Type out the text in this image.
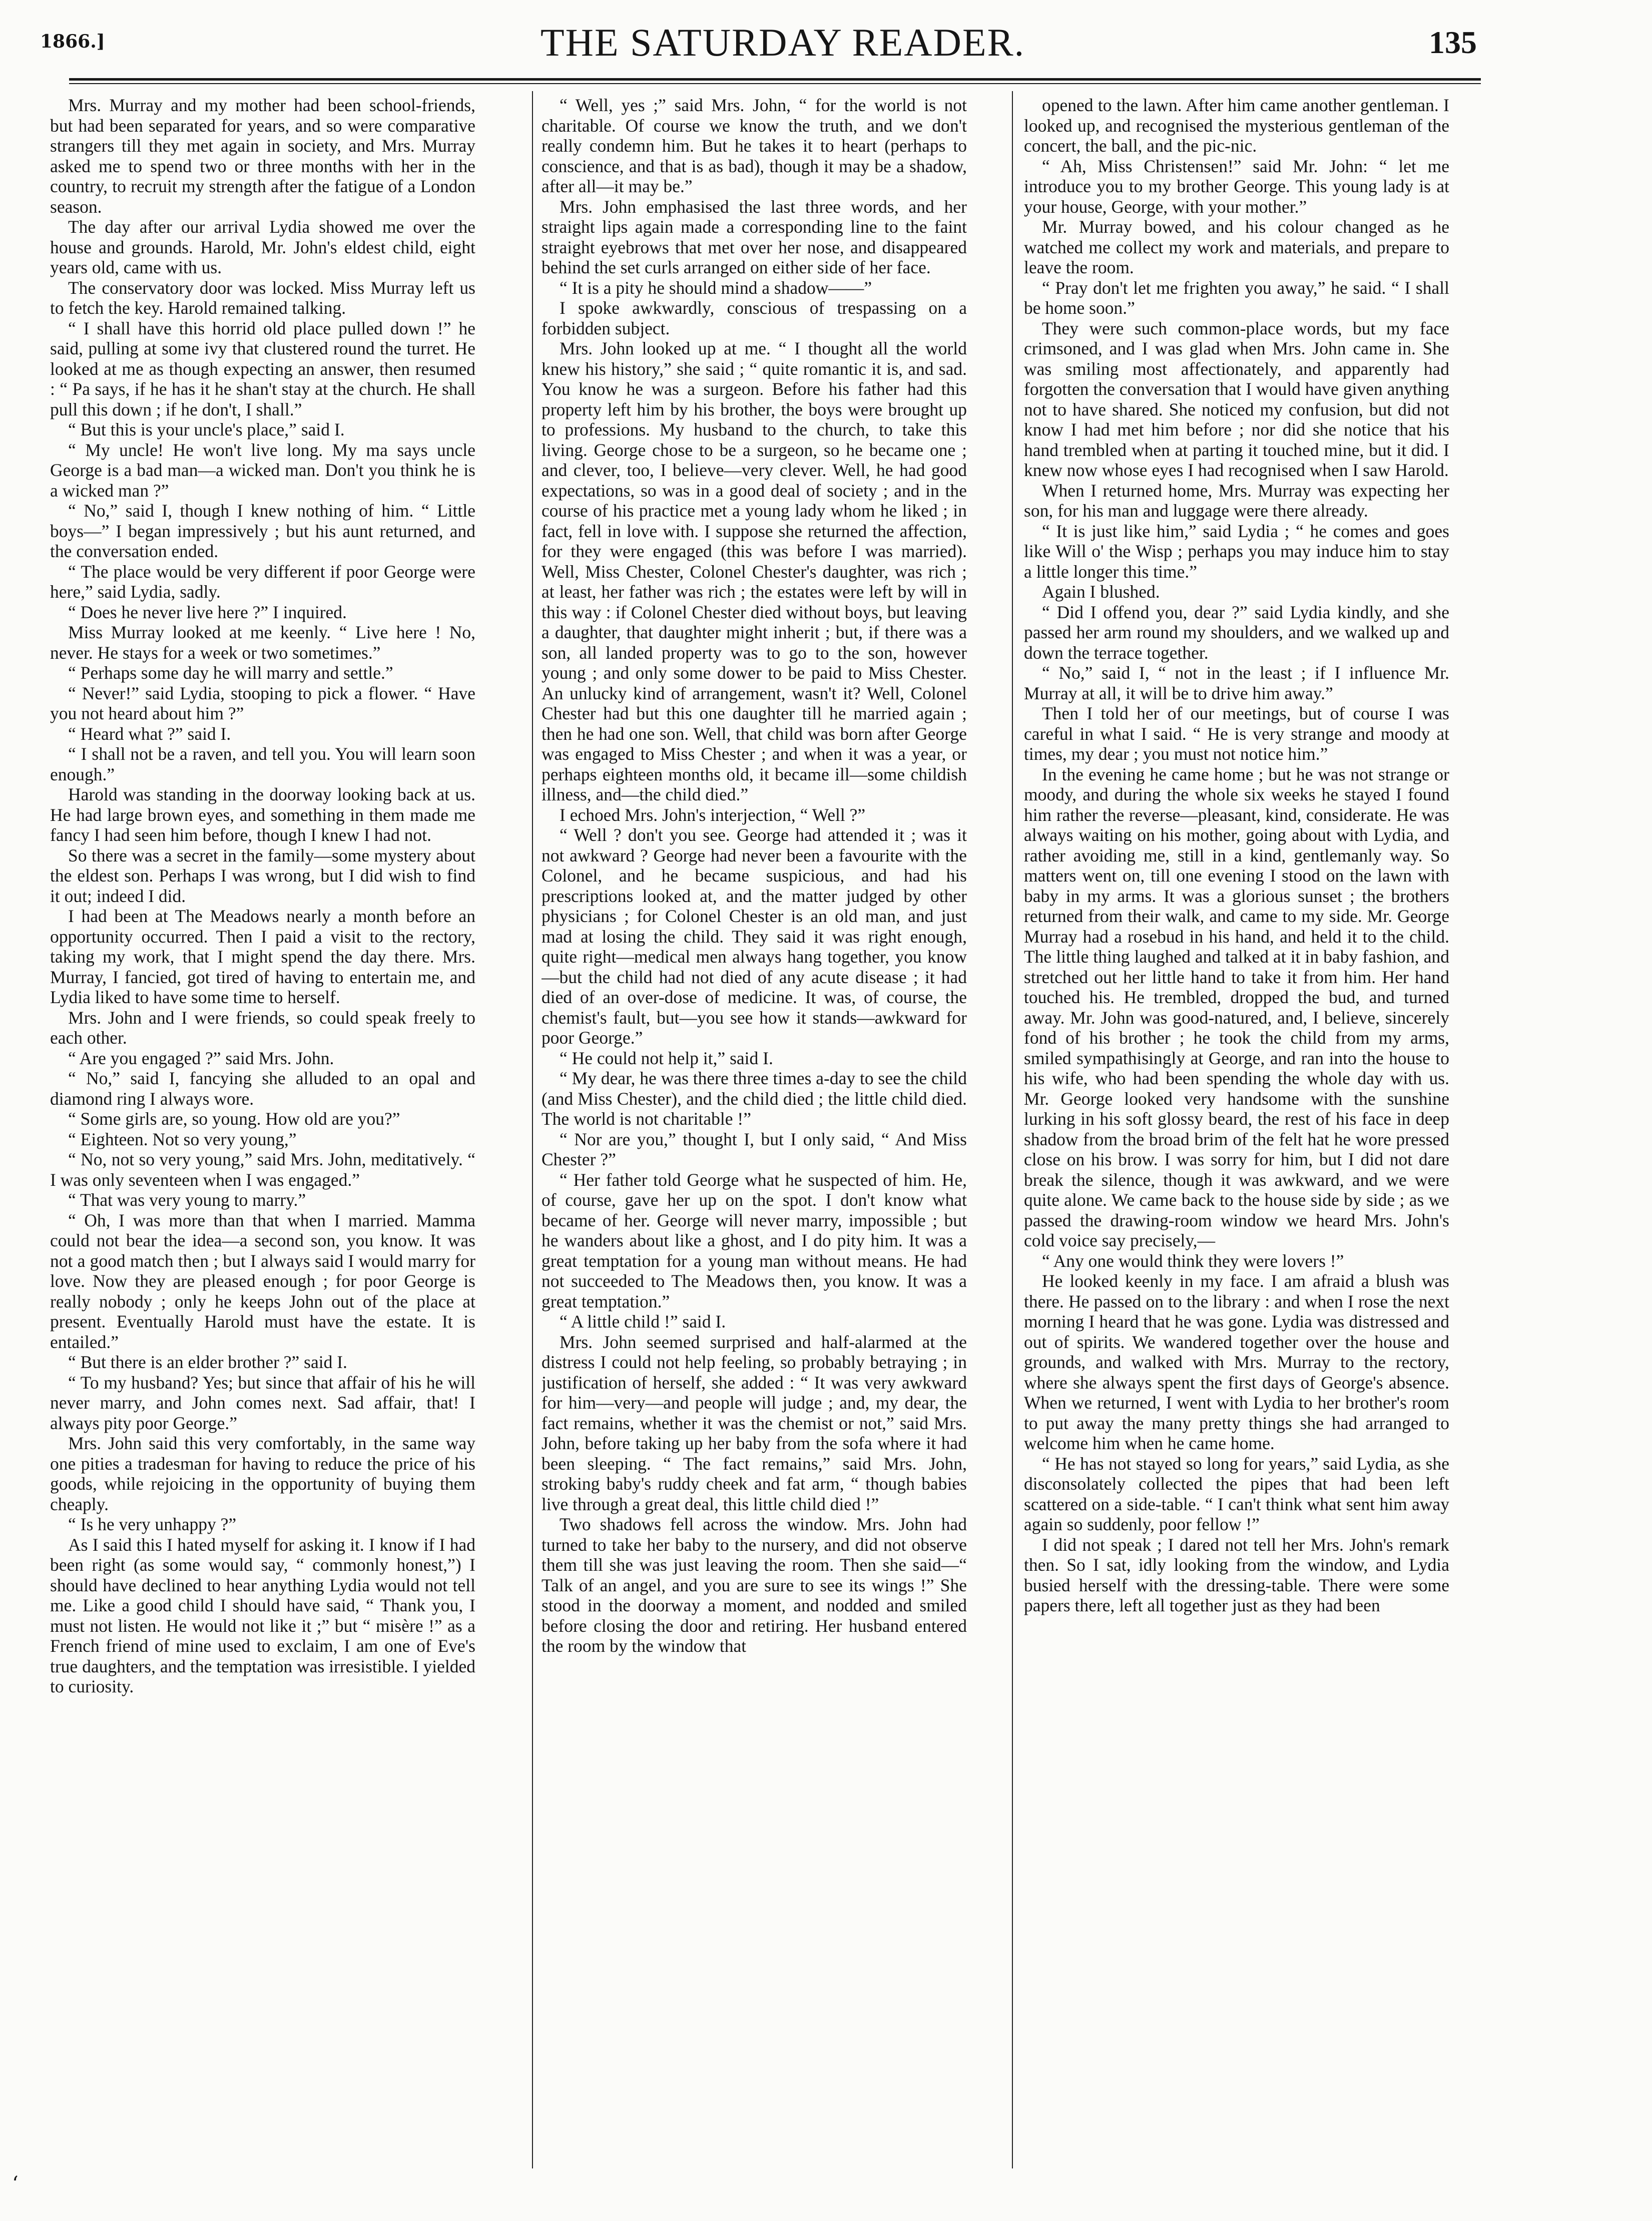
1866.]	THE SATURDAY READER.	135

Mrs. Murray and my mother had been school-friends, but had been separated for years, and so were comparative strangers till they met again in society, and Mrs. Murray asked me to spend two or three months with her in the country, to recruit my strength after the fatigue of a London season.

The day after our arrival Lydia showed me over the house and grounds. Harold, Mr. John's eldest child, eight years old, came with us.

The conservatory door was locked. Miss Murray left us to fetch the key. Harold remained talking.

“ I shall have this horrid old place pulled down !” he said, pulling at some ivy that clustered round the turret. He looked at me as though expecting an answer, then resumed : “ Pa says, if he has it he shan't stay at the church. He shall pull this down ; if he don't, I shall.”

“ But this is your uncle's place,” said I.

“ My uncle! He won't live long. My ma says uncle George is a bad man—a wicked man. Don't you think he is a wicked man ?”

“ No,” said I, though I knew nothing of him. “ Little boys—” I began impressively ; but his aunt returned, and the conversation ended.

“ The place would be very different if poor George were here,” said Lydia, sadly.

“ Does he never live here ?” I inquired.

Miss Murray looked at me keenly. “ Live here ! No, never. He stays for a week or two sometimes.”

“ Perhaps some day he will marry and settle.”

“ Never!” said Lydia, stooping to pick a flower. “ Have you not heard about him ?”

“ Heard what ?” said I.

“ I shall not be a raven, and tell you. You will learn soon enough.”

Harold was standing in the doorway looking back at us. He had large brown eyes, and something in them made me fancy I had seen him before, though I knew I had not.

So there was a secret in the family—some mystery about the eldest son. Perhaps I was wrong, but I did wish to find it out; indeed I did.

I had been at The Meadows nearly a month before an opportunity occurred. Then I paid a visit to the rectory, taking my work, that I might spend the day there. Mrs. Murray, I fancied, got tired of having to entertain me, and Lydia liked to have some time to herself.

Mrs. John and I were friends, so could speak freely to each other.

“ Are you engaged ?” said Mrs. John.

“ No,” said I, fancying she alluded to an opal and diamond ring I always wore.

“ Some girls are, so young. How old are you?”

“ Eighteen. Not so very young,”

“ No, not so very young,” said Mrs. John, meditatively. “ I was only seventeen when I was engaged.”

“ That was very young to marry.”

“ Oh, I was more than that when I married. Mamma could not bear the idea—a second son, you know. It was not a good match then ; but I always said I would marry for love. Now they are pleased enough ; for poor George is really nobody ; only he keeps John out of the place at present. Eventually Harold must have the estate. It is entailed.”

“ But there is an elder brother ?” said I.

“ To my husband? Yes; but since that affair of his he will never marry, and John comes next. Sad affair, that! I always pity poor George.”

Mrs. John said this very comfortably, in the same way one pities a tradesman for having to reduce the price of his goods, while rejoicing in the opportunity of buying them cheaply.

“ Is he very unhappy ?”

As I said this I hated myself for asking it. I know if I had been right (as some would say, “ commonly honest,”) I should have declined to hear anything Lydia would not tell me. Like a good child I should have said, “ Thank you, I must not listen. He would not like it ;” but “ misère !” as a French friend of mine used to exclaim, I am one of Eve's true daughters, and the temptation was irresistible. I yielded to curiosity.

“ Well, yes ;” said Mrs. John, “ for the world is not charitable. Of course we know the truth, and we don't really condemn him. But he takes it to heart (perhaps to conscience, and that is as bad), though it may be a shadow, after all—it may be.”

Mrs. John emphasised the last three words, and her straight lips again made a corresponding line to the faint straight eyebrows that met over her nose, and disappeared behind the set curls arranged on either side of her face.

“ It is a pity he should mind a shadow——”

I spoke awkwardly, conscious of trespassing on a forbidden subject.

Mrs. John looked up at me. “ I thought all the world knew his history,” she said ; “ quite romantic it is, and sad. You know he was a surgeon. Before his father had this property left him by his brother, the boys were brought up to professions. My husband to the church, to take this living. George chose to be a surgeon, so he became one ; and clever, too, I believe—very clever. Well, he had good expectations, so was in a good deal of society ; and in the course of his practice met a young lady whom he liked ; in fact, fell in love with. I suppose she returned the affection, for they were engaged (this was before I was married). Well, Miss Chester, Colonel Chester's daughter, was rich ; at least, her father was rich ; the estates were left by will in this way : if Colonel Chester died without boys, but leaving a daughter, that daughter might inherit ; but, if there was a son, all landed property was to go to the son, however young ; and only some dower to be paid to Miss Chester. An unlucky kind of arrangement, wasn't it? Well, Colonel Chester had but this one daughter till he married again ; then he had one son. Well, that child was born after George was engaged to Miss Chester ; and when it was a year, or perhaps eighteen months old, it became ill—some childish illness, and—the child died.”

I echoed Mrs. John's interjection, “ Well ?”

“ Well ? don't you see. George had attended it ; was it not awkward ? George had never been a favourite with the Colonel, and he became suspicious, and had his prescriptions looked at, and the matter judged by other physicians ; for Colonel Chester is an old man, and just mad at losing the child. They said it was right enough, quite right—medical men always hang together, you know—but the child had not died of any acute disease ; it had died of an over-dose of medicine. It was, of course, the chemist's fault, but—you see how it stands—awkward for poor George.”

“ He could not help it,” said I.

“ My dear, he was there three times a-day to see the child (and Miss Chester), and the child died ; the little child died. The world is not charitable !”

“ Nor are you,” thought I, but I only said, “ And Miss Chester ?”

“ Her father told George what he suspected of him. He, of course, gave her up on the spot. I don't know what became of her. George will never marry, impossible ; but he wanders about like a ghost, and I do pity him. It was a great temptation for a young man without means. He had not succeeded to The Meadows then, you know. It was a great temptation.”

“ A little child !” said I.

Mrs. John seemed surprised and half-alarmed at the distress I could not help feeling, so probably betraying ; in justification of herself, she added : “ It was very awkward for him—very—and people will judge ; and, my dear, the fact remains, whether it was the chemist or not,” said Mrs. John, before taking up her baby from the sofa where it had been sleeping. “ The fact remains,” said Mrs. John, stroking baby's ruddy cheek and fat arm, “ though babies live through a great deal, this little child died !”

Two shadows fell across the window. Mrs. John had turned to take her baby to the nursery, and did not observe them till she was just leaving the room. Then she said—“ Talk of an angel, and you are sure to see its wings !” She stood in the doorway a moment, and nodded and smiled before closing the door and retiring. Her husband entered the room by the window that

opened to the lawn. After him came another gentleman. I looked up, and recognised the mysterious gentleman of the concert, the ball, and the pic-nic.

“ Ah, Miss Christensen!” said Mr. John: “ let me introduce you to my brother George. This young lady is at your house, George, with your mother.”

Mr. Murray bowed, and his colour changed as he watched me collect my work and materials, and prepare to leave the room.

“ Pray don't let me frighten you away,” he said. “ I shall be home soon.”

They were such common-place words, but my face crimsoned, and I was glad when Mrs. John came in. She was smiling most affectionately, and apparently had forgotten the conversation that I would have given anything not to have shared. She noticed my confusion, but did not know I had met him before ; nor did she notice that his hand trembled when at parting it touched mine, but it did. I knew now whose eyes I had recognised when I saw Harold.

When I returned home, Mrs. Murray was expecting her son, for his man and luggage were there already.

“ It is just like him,” said Lydia ; “ he comes and goes like Will o' the Wisp ; perhaps you may induce him to stay a little longer this time.”

Again I blushed.

“ Did I offend you, dear ?” said Lydia kindly, and she passed her arm round my shoulders, and we walked up and down the terrace together.

“ No,” said I, “ not in the least ; if I influence Mr. Murray at all, it will be to drive him away.”

Then I told her of our meetings, but of course I was careful in what I said. “ He is very strange and moody at times, my dear ; you must not notice him.”

In the evening he came home ; but he was not strange or moody, and during the whole six weeks he stayed I found him rather the reverse—pleasant, kind, considerate. He was always waiting on his mother, going about with Lydia, and rather avoiding me, still in a kind, gentlemanly way. So matters went on, till one evening I stood on the lawn with baby in my arms. It was a glorious sunset ; the brothers returned from their walk, and came to my side. Mr. George Murray had a rosebud in his hand, and held it to the child. The little thing laughed and talked at it in baby fashion, and stretched out her little hand to take it from him. Her hand touched his. He trembled, dropped the bud, and turned away. Mr. John was good-natured, and, I believe, sincerely fond of his brother ; he took the child from my arms, smiled sympathisingly at George, and ran into the house to his wife, who had been spending the whole day with us. Mr. George looked very handsome with the sunshine lurking in his soft glossy beard, the rest of his face in deep shadow from the broad brim of the felt hat he wore pressed close on his brow. I was sorry for him, but I did not dare break the silence, though it was awkward, and we were quite alone. We came back to the house side by side ; as we passed the drawing-room window we heard Mrs. John's cold voice say precisely,—

“ Any one would think they were lovers !”

He looked keenly in my face. I am afraid a blush was there. He passed on to the library : and when I rose the next morning I heard that he was gone. Lydia was distressed and out of spirits. We wandered together over the house and grounds, and walked with Mrs. Murray to the rectory, where she always spent the first days of George's absence. When we returned, I went with Lydia to her brother's room to put away the many pretty things she had arranged to welcome him when he came home.

“ He has not stayed so long for years,” said Lydia, as she disconsolately collected the pipes that had been left scattered on a side-table. “ I can't think what sent him away again so suddenly, poor fellow !”

I did not speak ; I dared not tell her Mrs. John's remark then. So I sat, idly looking from the window, and Lydia busied herself with the dressing-table. There were some papers there, left all together just as they had been

‘
